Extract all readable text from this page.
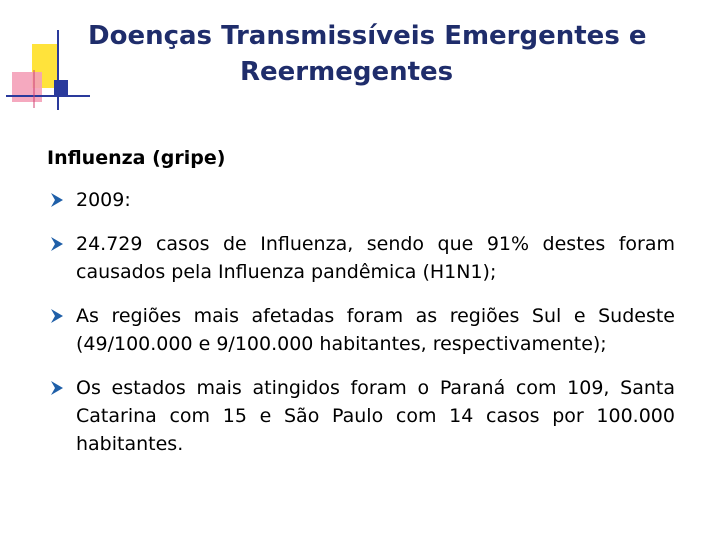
Doenças Transmissíveis Emergentes e
Reermegentes
Influenza (gripe)
2009:
24.729 casos de Influenza, sendo que 91% destes foram causados pela Influenza pandêmica (H1N1);
As regiões mais afetadas foram as regiões Sul e Sudeste (49/100.000 e 9/100.000 habitantes, respectivamente);
Os estados mais atingidos foram o Paraná com 109, Santa Catarina com 15 e São Paulo com 14 casos por 100.000 habitantes.
